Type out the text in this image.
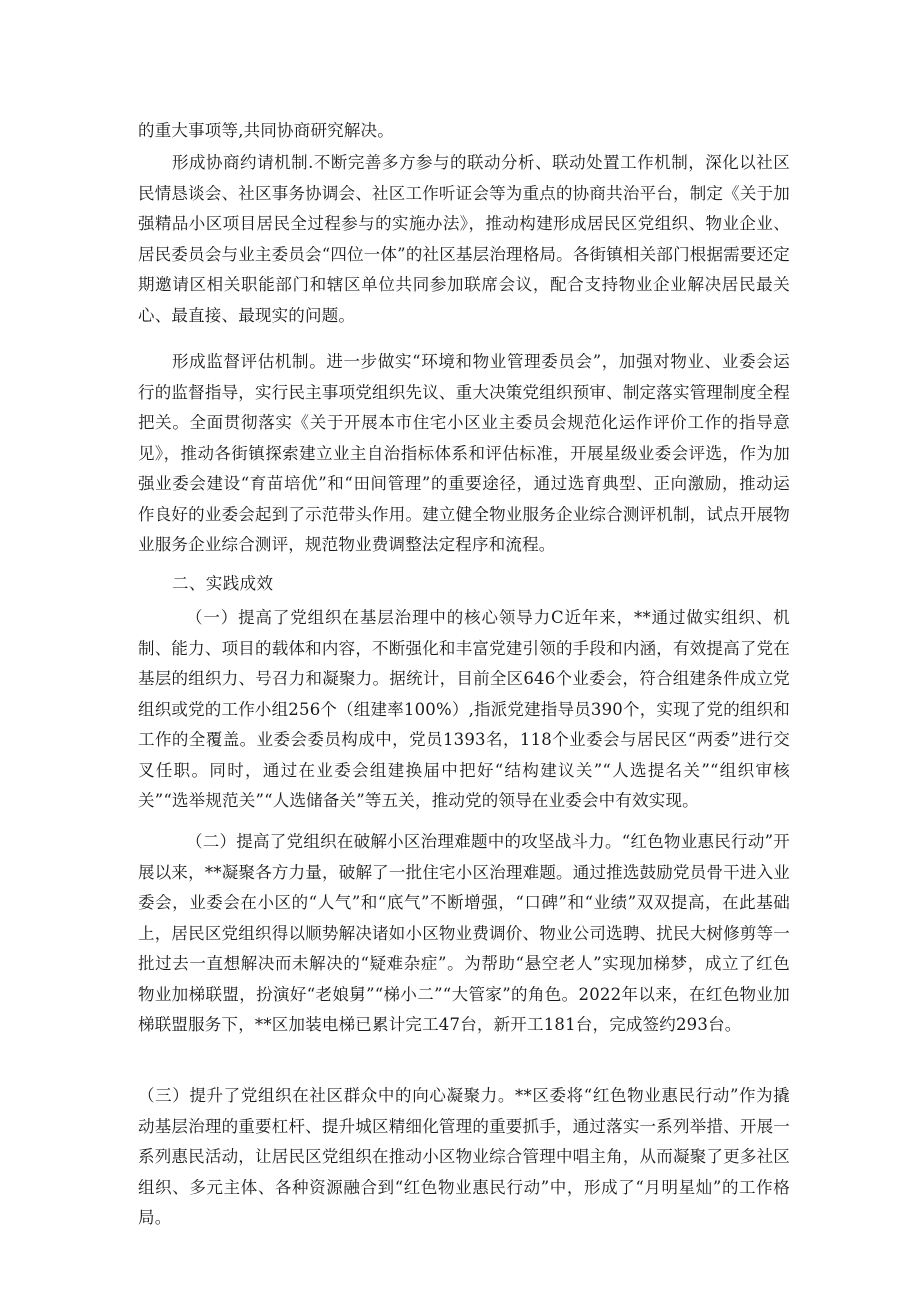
的重大事项等,共同协商研究解决。

形成协商约请机制.不断完善多方参与的联动分析、联动处置工作机制，深化以社区民情恳谈会、社区事务协调会、社区工作听证会等为重点的协商共治平台，制定《关于加强精品小区项目居民全过程参与的实施办法》，推动构建形成居民区党组织、物业企业、居民委员会与业主委员会“四位一体”的社区基层治理格局。各街镇相关部门根据需要还定期邀请区相关职能部门和辖区单位共同参加联席会议，配合支持物业企业解决居民最关心、最直接、最现实的问题。

形成监督评估机制。进一步做实“环境和物业管理委员会”，加强对物业、业委会运行的监督指导，实行民主事项党组织先议、重大决策党组织预审、制定落实管理制度全程把关。全面贯彻落实《关于开展本市住宅小区业主委员会规范化运作评价工作的指导意见》，推动各街镇探索建立业主自治指标体系和评估标准，开展星级业委会评选，作为加强业委会建设“育苗培优”和“田间管理”的重要途径，通过选育典型、正向激励，推动运作良好的业委会起到了示范带头作用。建立健全物业服务企业综合测评机制，试点开展物业服务企业综合测评，规范物业费调整法定程序和流程。

二、实践成效

（一）提高了党组织在基层治理中的核心领导力C近年来，**通过做实组织、机制、能力、项目的载体和内容，不断强化和丰富党建引领的手段和内涵，有效提高了党在基层的组织力、号召力和凝聚力。据统计，目前全区646个业委会，符合组建条件成立党组织或党的工作小组256个（组建率100%）,指派党建指导员390个，实现了党的组织和工作的全覆盖。业委会委员构成中，党员1393名，118个业委会与居民区“两委”进行交叉任职。同时，通过在业委会组建换届中把好“结构建议关”“人选提名关”“组织审核关”“选举规范关”“人选储备关”等五关，推动党的领导在业委会中有效实现。

（二）提高了党组织在破解小区治理难题中的攻坚战斗力。“红色物业惠民行动”开展以来，**凝聚各方力量，破解了一批住宅小区治理难题。通过推选鼓励党员骨干进入业委会，业委会在小区的“人气”和“底气”不断增强，“口碑”和“业绩”双双提高，在此基础上，居民区党组织得以顺势解决诸如小区物业费调价、物业公司选聘、扰民大树修剪等一批过去一直想解决而未解决的“疑难杂症”。为帮助“悬空老人”实现加梯梦，成立了红色物业加梯联盟，扮演好“老娘舅”“梯小二”“大管家”的角色。2022年以来，在红色物业加梯联盟服务下，**区加装电梯已累计完工47台，新开工181台，完成签约293台。

（三）提升了党组织在社区群众中的向心凝聚力。**区委将“红色物业惠民行动”作为撬动基层治理的重要杠杆、提升城区精细化管理的重要抓手，通过落实一系列举措、开展一系列惠民活动，让居民区党组织在推动小区物业综合管理中唱主角，从而凝聚了更多社区组织、多元主体、各种资源融合到“红色物业惠民行动”中，形成了“月明星灿”的工作格局。
